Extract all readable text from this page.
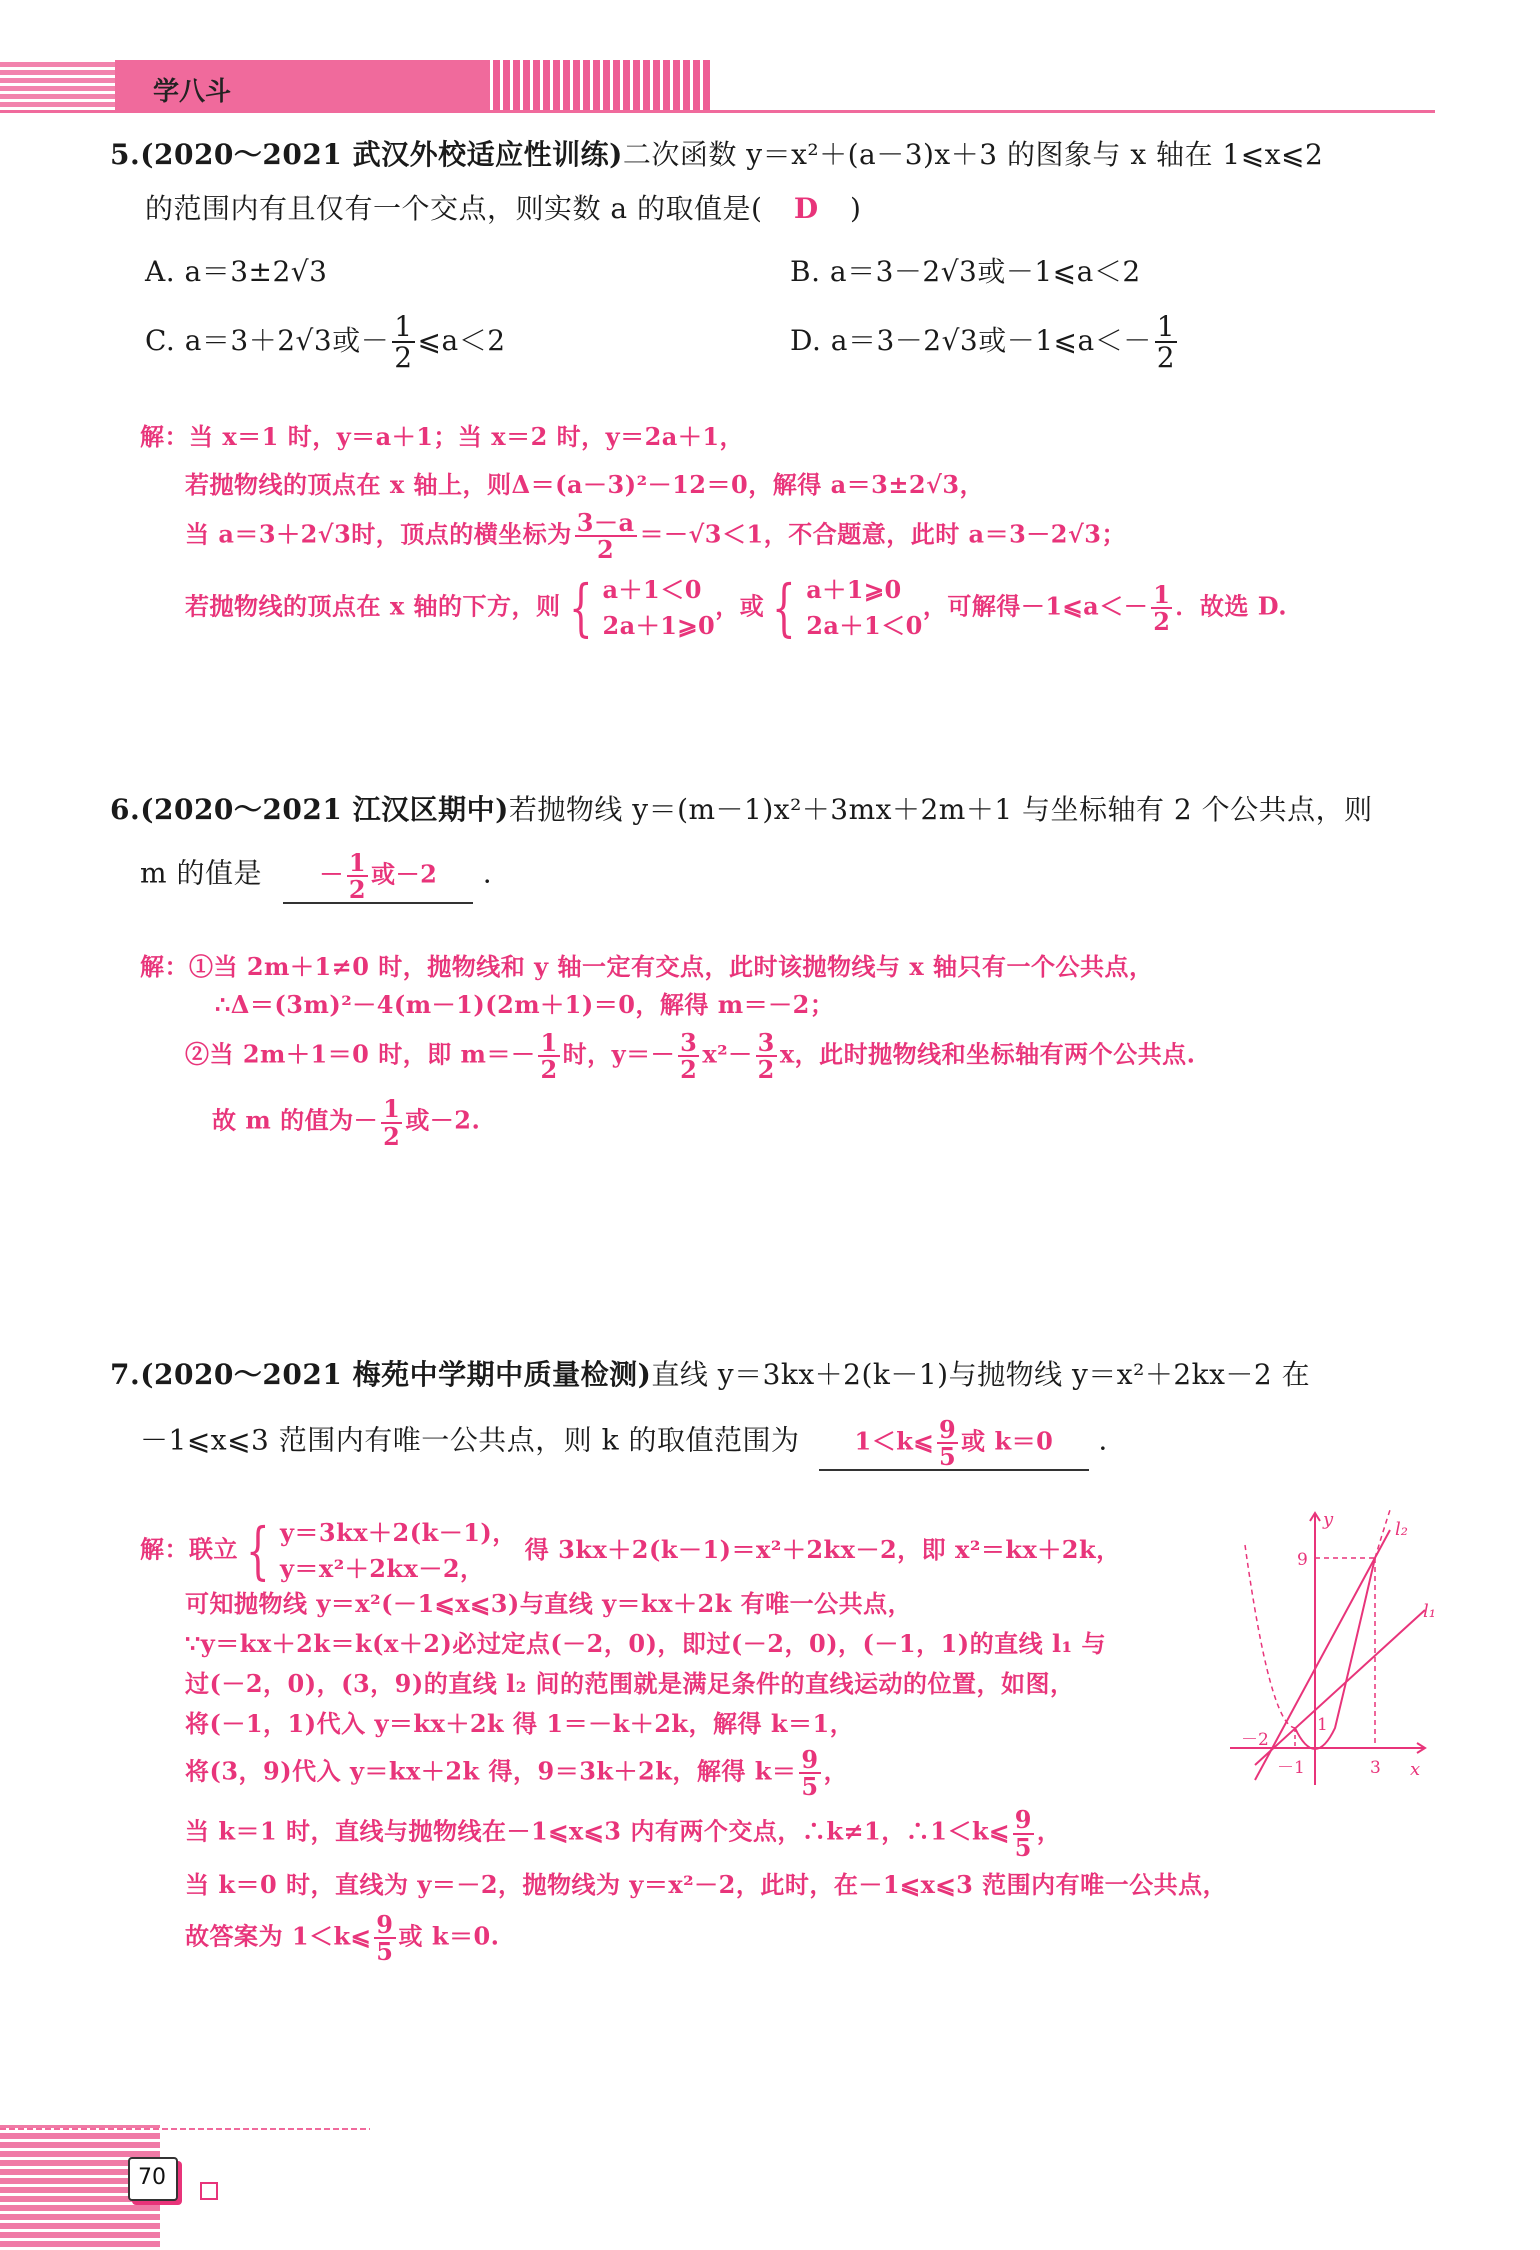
学八斗
5.(2020～2021 武汉外校适应性训练)二次函数 y＝x²＋(a－3)x＋3 的图象与 x 轴在 1⩽x⩽2
的范围内有且仅有一个交点，则实数 a 的取值是( D )
A. a＝3±2√3	B. a＝3－2√3或－1⩽a＜2
C. a＝3＋2√3或－ $\frac{1}{2}$ ⩽a＜2	D. a＝3－2√3或－1⩽a＜－ $\frac{1}{2}$
解：当 x＝1 时，y＝a＋1；当 x＝2 时，y＝2a＋1，
若抛物线的顶点在 x 轴上，则Δ＝(a－3)²－12＝0，解得 a＝3±2√3，
当 a＝3＋2√3时，顶点的横坐标为 $\frac{3-a}{2} =-√3<1$，不合题意，此时 a＝3－2√3；
若抛物线的顶点在 x 轴的下方，则 { a＋1＜0
2a＋1⩾0
，或 { a＋1⩾0
2a＋1＜0
，可解得－1⩽a＜－ $\frac{1}{2}$ ．故选 D.
6.(2020～2021 江汉区期中)若抛物线 y＝(m－1)x²＋3mx＋2m＋1 与坐标轴有 2 个公共点，则
m 的值是 － $\frac{1}{2}$ 或－2 .
解：①当 2m＋1≠0 时，抛物线和 y 轴一定有交点，此时该抛物线与 x 轴只有一个公共点，
∴Δ＝(3m)²－4(m－1)(2m＋1)＝0，解得 m＝－2；
②当 2m＋1＝0 时，即 $m=- \frac{1}{2}$ 时，$y=- \frac{3}{2} x^2- \frac{3}{2}$ x，此时抛物线和坐标轴有两个公共点.
故 m 的值为－ $\frac{1}{2}$ 或－2.
7.(2020～2021 梅苑中学期中质量检测)直线 y＝3kx＋2(k－1)与抛物线 y＝x²＋2kx－2 在
－1⩽x⩽3 范围内有唯一公共点，则 k 的取值范围为 1＜k⩽ $\frac{9}{5}$ 或 k＝0 .
解：联立 { y＝3kx＋2(k－1)，
y＝x²＋2kx－2，
得 3kx＋2(k－1)＝x²＋2kx－2，即 x²＝kx＋2k，
可知抛物线 y＝x²(－1⩽x⩽3)与直线 y＝kx＋2k 有唯一公共点，
∵y＝kx＋2k＝k(x＋2)必过定点(－2，0)，即过(－2，0)，(－1，1)的直线 l₁ 与
过(－2，0)，(3，9)的直线 l₂ 间的范围就是满足条件的直线运动的位置，如图，
将(－1，1)代入 y＝kx＋2k 得 1＝－k＋2k，解得 k＝1，
将(3，9)代入 y＝kx＋2k 得，9＝3k＋2k，解得 $k= \frac{9}{5}$ ，
当 k＝1 时，直线与抛物线在－1⩽x⩽3 内有两个交点，∴k≠1，∴1＜k⩽ $\frac{9}{5}$ ，
当 k＝0 时，直线为 y＝－2，抛物线为 y＝x²－2，此时，在－1⩽x⩽3 范围内有唯一公共点，
故答案为 1＜k⩽ $\frac{9}{5}$ 或 k＝0.
y
x
l₂
l₁
9
3
－1
－2
1
70
